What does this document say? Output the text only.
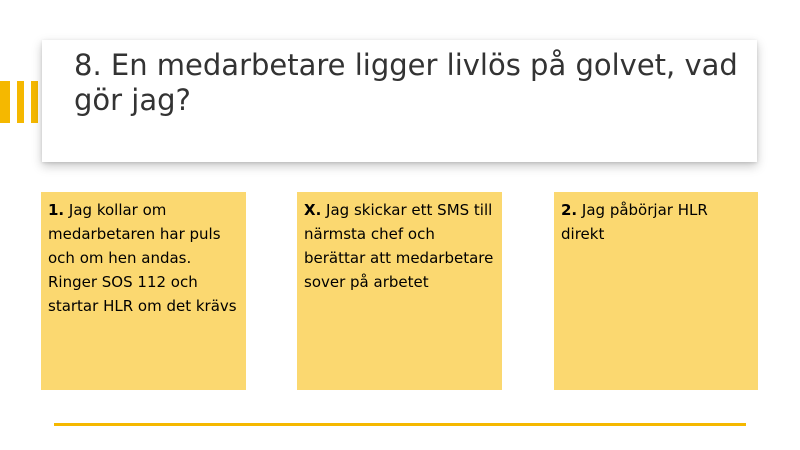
8. En medarbetare ligger livlös på golvet, vad gör jag?
1. Jag kollar om medarbetaren har puls och om hen andas. Ringer SOS 112 och startar HLR om det krävs
X. Jag skickar ett SMS till närmsta chef och berättar att medarbetare sover på arbetet
2. Jag påbörjar HLR direkt
